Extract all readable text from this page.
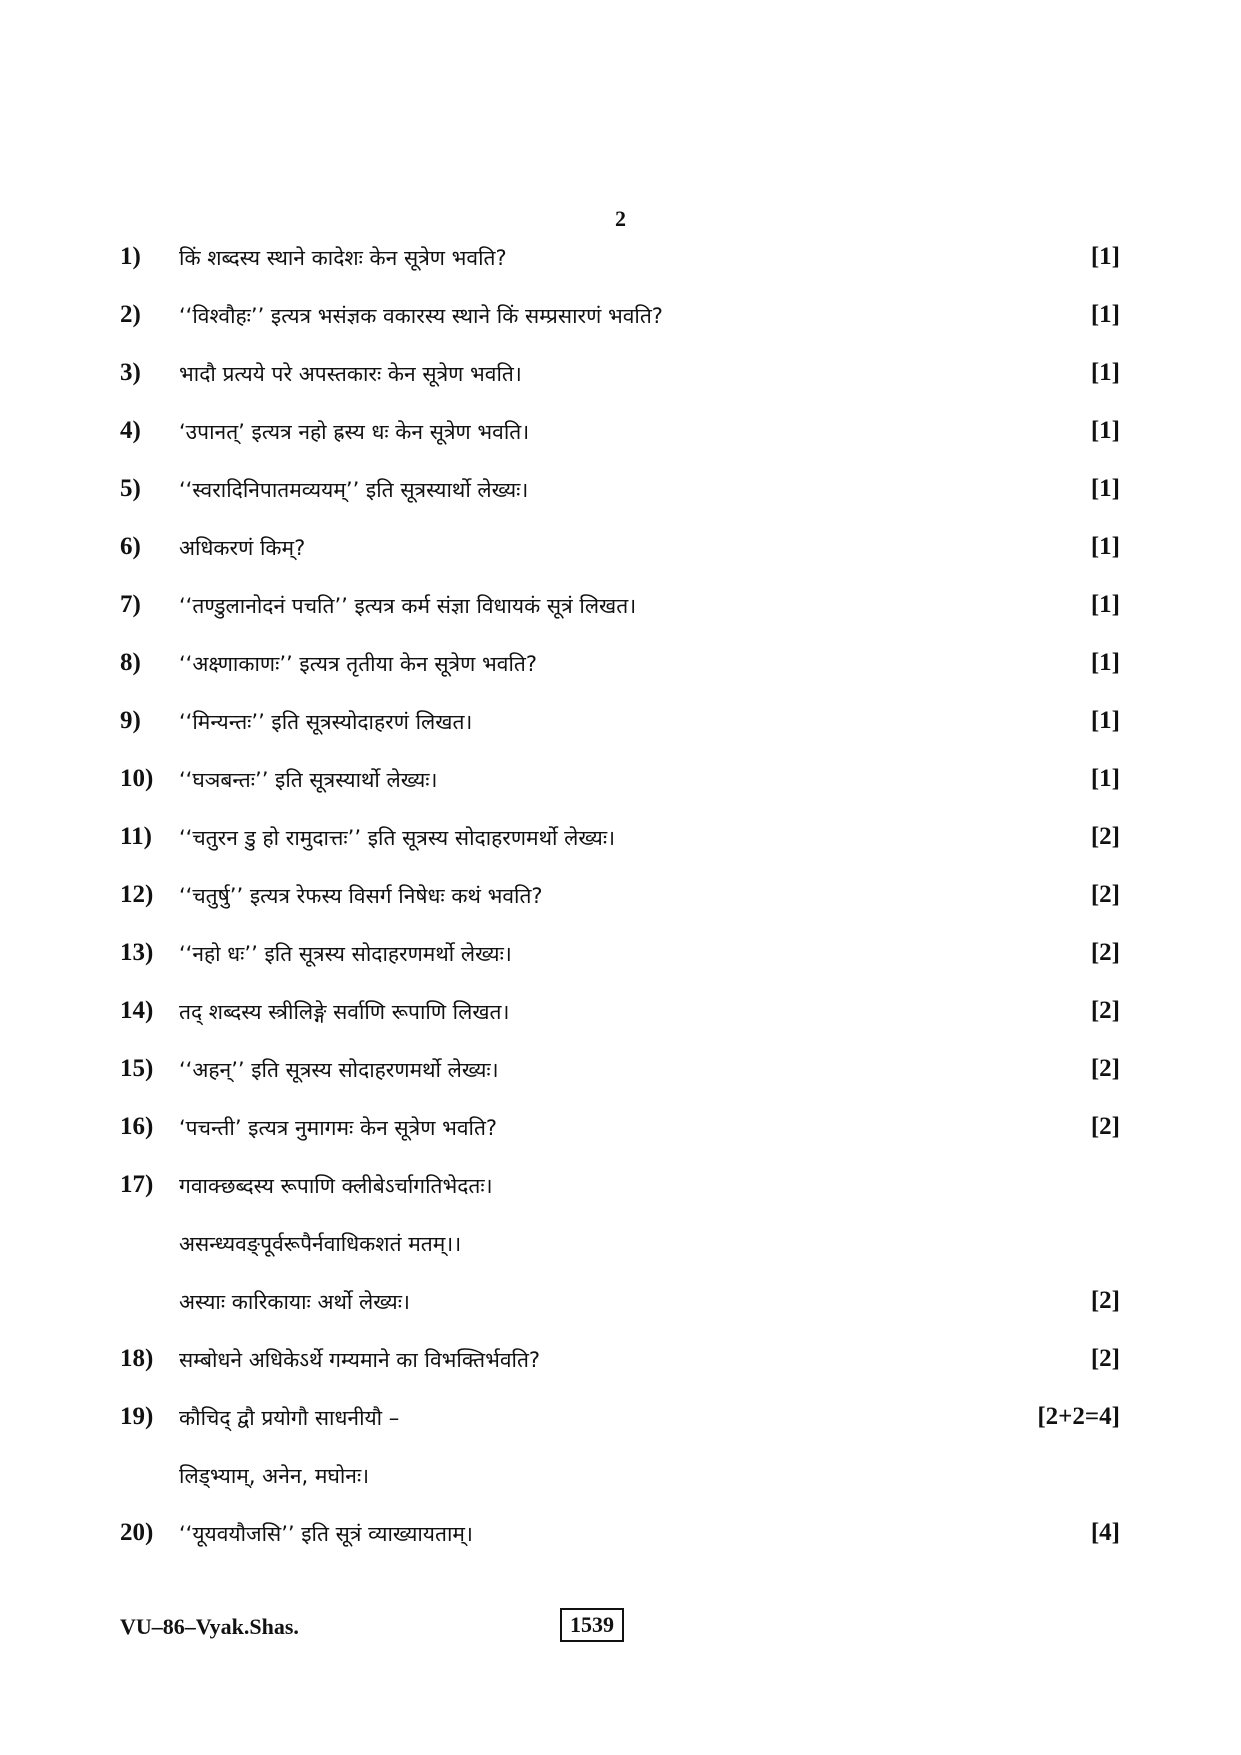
2
1) किं शब्दस्य स्थाने कादेशः केन सूत्रेण भवति?	[1]
2) ‘‘विश्वौहः’’ इत्यत्र भसंज्ञक वकारस्य स्थाने किं सम्प्रसारणं भवति?	[1]
3) भादौ प्रत्यये परे अपस्तकारः केन सूत्रेण भवति।	[1]
4) ‘उपानत्’ इत्यत्र नहो ह्रस्य धः केन सूत्रेण भवति।	[1]
5) ‘‘स्वरादिनिपातमव्ययम्’’ इति सूत्रस्यार्थो लेख्यः।	[1]
6) अधिकरणं किम्?	[1]
7) ‘‘तण्डुलानोदनं पचति’’ इत्यत्र कर्म संज्ञा विधायकं सूत्रं लिखत।	[1]
8) ‘‘अक्ष्णाकाणः’’ इत्यत्र तृतीया केन सूत्रेण भवति?	[1]
9) ‘‘मिन्यन्तः’’ इति सूत्रस्योदाहरणं लिखत।	[1]
10) ‘‘घञबन्तः’’ इति सूत्रस्यार्थो लेख्यः।	[1]
11) ‘‘चतुरन डु हो रामुदात्तः’’ इति सूत्रस्य सोदाहरणमर्थो लेख्यः।	[2]
12) ‘‘चतुर्षु’’ इत्यत्र रेफस्य विसर्ग निषेधः कथं भवति?	[2]
13) ‘‘नहो धः’’ इति सूत्रस्य सोदाहरणमर्थो लेख्यः।	[2]
14) तद् शब्दस्य स्त्रीलिङ्गे सर्वाणि रूपाणि लिखत।	[2]
15) ‘‘अहन्’’ इति सूत्रस्य सोदाहरणमर्थो लेख्यः।	[2]
16) ‘पचन्ती’ इत्यत्र नुमागमः केन सूत्रेण भवति?	[2]
17) गवाक्छब्दस्य रूपाणि क्लीबेऽर्चागतिभेदतः।
असन्ध्यवङ्पूर्वरूपैर्नवाधिकशतं मतम्।।
अस्याः कारिकायाः अर्थो लेख्यः।	[2]
18) सम्बोधने अधिकेऽर्थे गम्यमाने का विभक्तिर्भवति?	[2]
19) कौचिद् द्वौ प्रयोगौ साधनीयौ –	[2+2=4]
लिड्भ्याम्, अनेन, मघोनः।
20) ‘‘यूयवयौजसि’’ इति सूत्रं व्याख्यायताम्।	[4]
VU–86–Vyak.Shas.	1539
